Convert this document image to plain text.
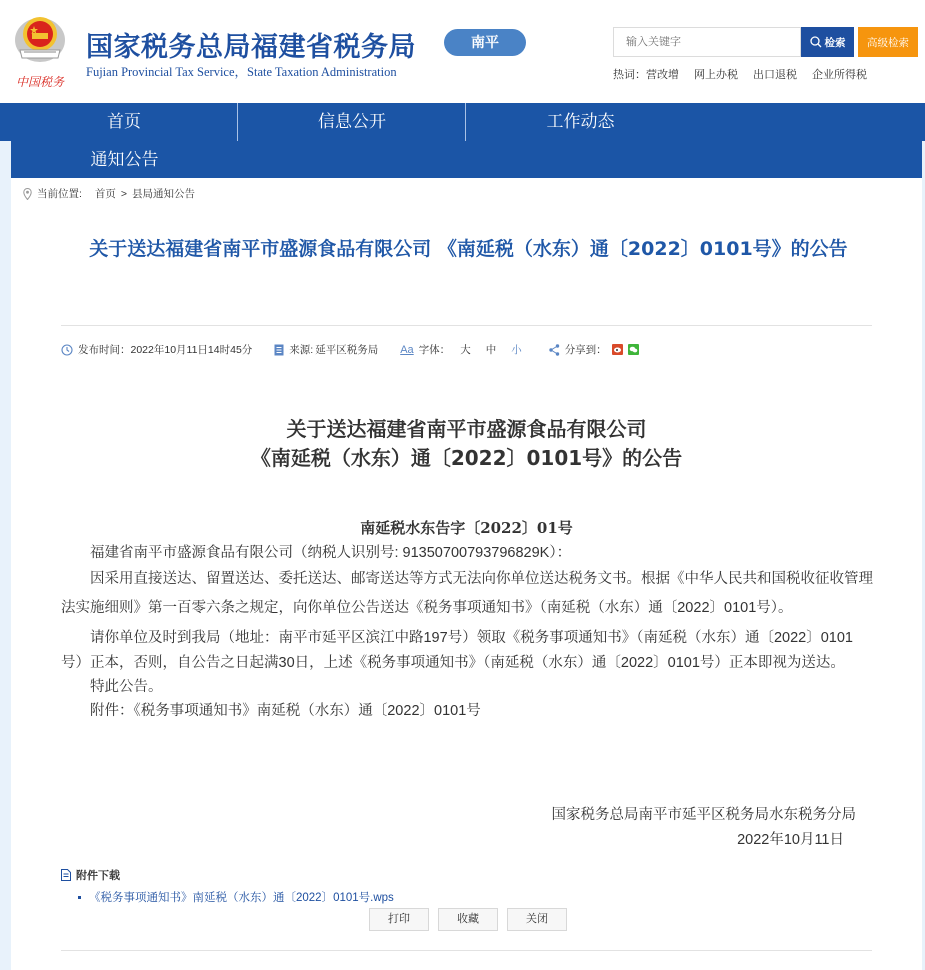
中国税务
国家税务总局福建省税务局
Fujian Provincial Tax Service，State Taxation Administration
南平
输入关键字	检索	高级检索
热词： 营改增 网上办税 出口退税 企业所得税
首页	信息公开	工作动态
通知公告
当前位置: 首页 > 县局通知公告
关于送达福建省南平市盛源食品有限公司 《南延税（水东）通〔2022〕0101号》的公告
发布时间： 2022年10月11日14时45分	来源: 延平区税务局 Aa 字体： 大 中 小	分享到：
关于送达福建省南平市盛源食品有限公司
《南延税（水东）通〔2022〕0101号》的公告
南延税水东告字〔2022〕01号

福建省南平市盛源食品有限公司（纳税人识别号: 91350700793796829K）：

因采用直接送达、留置送达、委托送达、邮寄送达等方式无法向你单位送达税务文书。根据《中华人民共和国税收征收管理法实施细则》第一百零六条之规定，向你单位公告送达《税务事项通知书》（南延税（水东）通〔2022〕0101号）。

请你单位及时到我局（地址：南平市延平区滨江中路197号）领取《税务事项通知书》（南延税（水东）通〔2022〕0101号）正本，否则，自公告之日起满30日，上述《税务事项通知书》（南延税（水东）通〔2022〕0101号）正本即视为送达。

特此公告。

附件：《税务事项通知书》南延税（水东）通〔2022〕0101号

国家税务总局南平市延平区税务局水东税务分局
2022年10月11日
附件下载
《税务事项通知书》南延税（水东）通〔2022〕0101号.wps
打印	收藏	关闭
